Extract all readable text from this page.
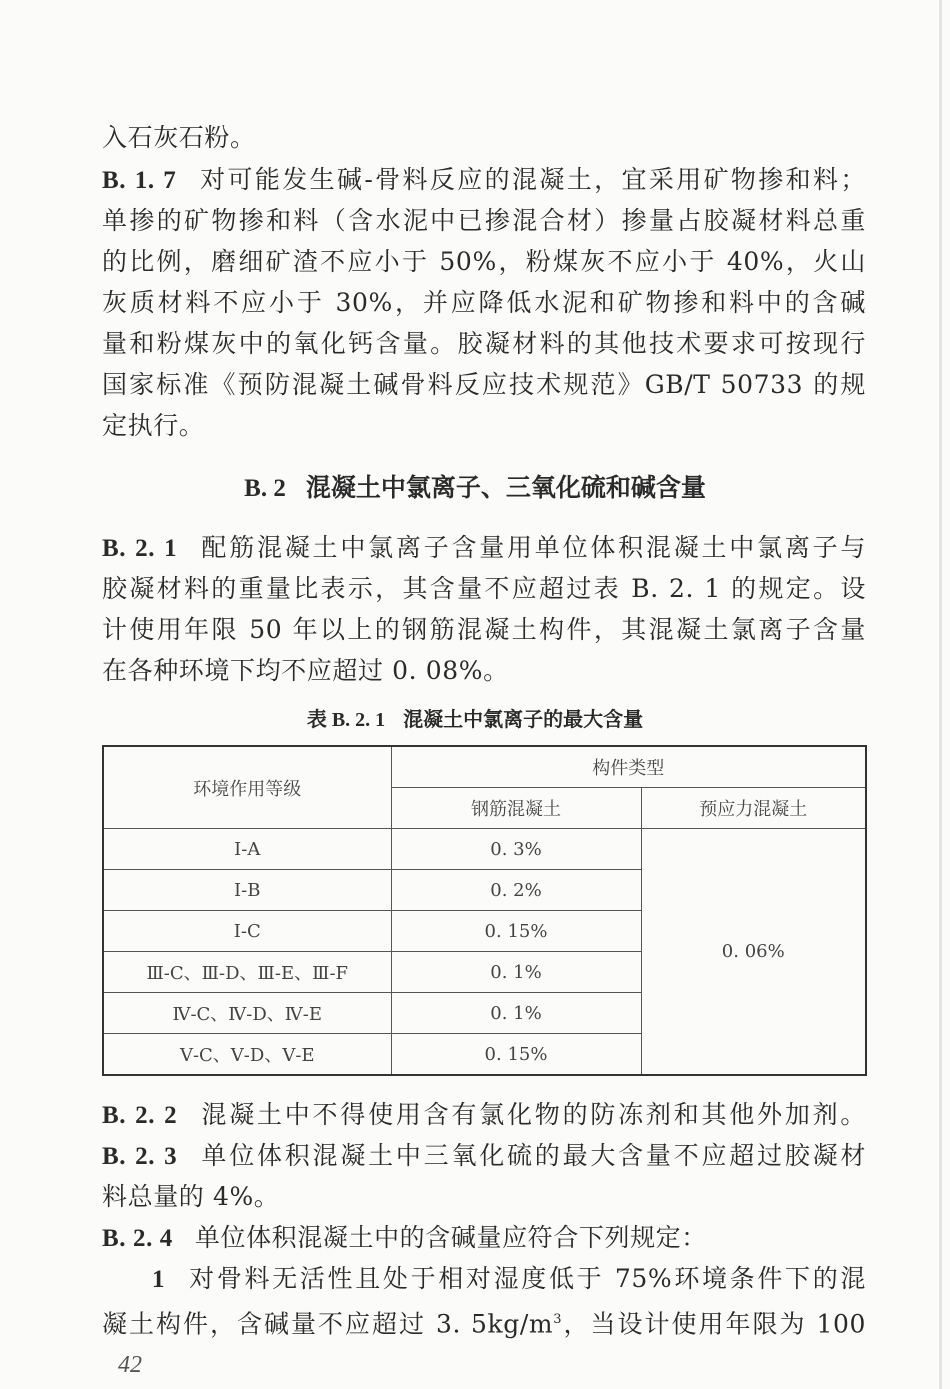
入石灰石粉。
B. 1. 7 对可能发生碱-骨料反应的混凝土，宜采用矿物掺和料；
单掺的矿物掺和料（含水泥中已掺混合材）掺量占胶凝材料总重
的比例，磨细矿渣不应小于 50%，粉煤灰不应小于 40%，火山
灰质材料不应小于 30%，并应降低水泥和矿物掺和料中的含碱
量和粉煤灰中的氧化钙含量。胶凝材料的其他技术要求可按现行
国家标准《预防混凝土碱骨料反应技术规范》GB/T 50733 的规
定执行。
B. 2 混凝土中氯离子、三氧化硫和碱含量
B. 2. 1 配筋混凝土中氯离子含量用单位体积混凝土中氯离子与
胶凝材料的重量比表示，其含量不应超过表 B. 2. 1 的规定。设
计使用年限 50 年以上的钢筋混凝土构件，其混凝土氯离子含量
在各种环境下均不应超过 0. 08%。
表 B. 2. 1 混凝土中氯离子的最大含量
环境作用等级	构件类型	
	钢筋混凝土	预应力混凝土
Ⅰ-A	0. 3%	0. 06%
Ⅰ-B	0. 2%	
Ⅰ-C	0. 15%	
Ⅲ-C、Ⅲ-D、Ⅲ-E、Ⅲ-F	0. 1%	
Ⅳ-C、Ⅳ-D、Ⅳ-E	0. 1%	
Ⅴ-C、Ⅴ-D、Ⅴ-E	0. 15%	
B. 2. 2 混凝土中不得使用含有氯化物的防冻剂和其他外加剂。
B. 2. 3 单位体积混凝土中三氧化硫的最大含量不应超过胶凝材
料总量的 4%。
B. 2. 4 单位体积混凝土中的含碱量应符合下列规定：
1 对骨料无活性且处于相对湿度低于 75%环境条件下的混
凝土构件，含碱量不应超过 3. $5kg/m^3$，当设计使用年限为 100
42
